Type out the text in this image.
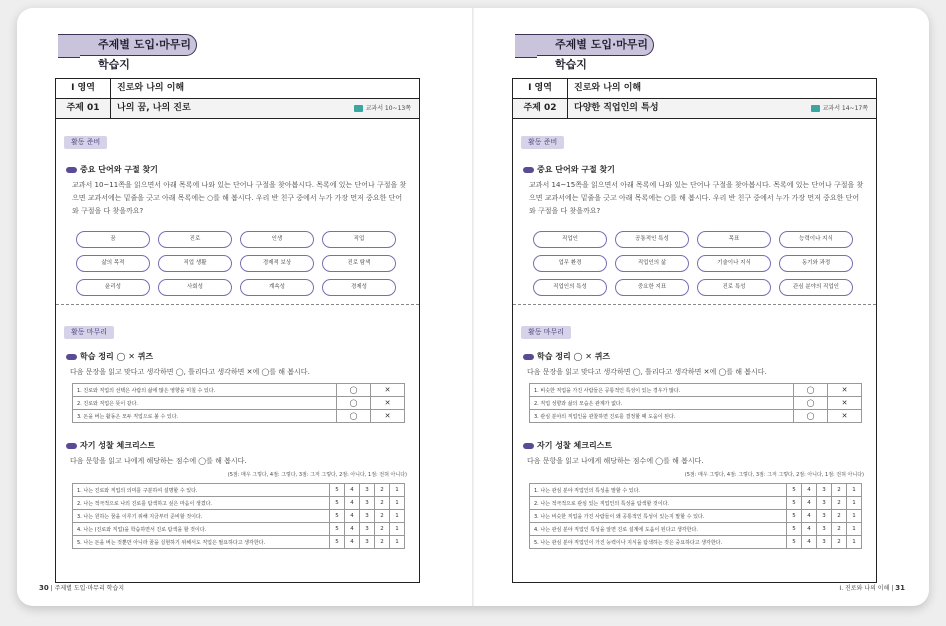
주제별 도입·마무리 학습지
Ⅰ 영역	진로와 나의 이해
주제 01	나의 꿈, 나의 진로	교과서 10~13쪽
활동 준비
중요 단어와 구절 찾기
교과서 10~11쪽을 읽으면서 아래 목록에 나와 있는 단어나 구절을 찾아봅시다. 목록에 있는 단어나 구절을 찾으면 교과서에는 밑줄을 긋고 아래 목록에는 ○를 해 봅시다. 우리 반 친구 중에서 누가 가장 먼저 중요한 단어와 구절을 다 찾을까요?
꿈	진로	인생	직업
삶의 목적	직업 생활	경제적 보상	진로 탐색
윤리성	사회성	계속성	경제성
활동 마무리
학습 정리 ◯ ✕ 퀴즈
다음 문장을 읽고 맞다고 생각하면 ◯, 틀리다고 생각하면 ✕에 ◯를 해 봅시다.
1. 진로와 직업의 선택은 사람의 삶에 많은 영향을 미칠 수 있다.	◯	✕
2. 진로와 직업은 뜻이 같다.	◯	✕
3. 돈을 버는 활동은 모두 직업으로 볼 수 있다.	◯	✕
자기 성찰 체크리스트
다음 문항을 읽고 나에게 해당하는 점수에 ◯를 해 봅시다.
(5점: 매우 그렇다, 4점: 그렇다, 3점: 그저 그렇다, 2점: 아니다, 1점: 전혀 아니다)
1. 나는 진로와 직업의 의미를 구분하여 설명할 수 있다.	5	4	3	2	1
2. 나는 적극적으로 나의 진로를 탐색하고 싶은 마음이 생겼다.	5	4	3	2	1
3. 나는 원하는 꿈을 이루기 위해 지금부터 준비할 것이다.	5	4	3	2	1
4. 나는 (진로와 직업)을 학습하면서 진로 탐색을 할 것이다.	5	4	3	2	1
5. 나는 돈을 버는 것뿐만 아니라 꿈을 실현하기 위해서도 직업은 필요하다고 생각한다.	5	4	3	2	1
30 | 주제별 도입·마무리 학습지
주제별 도입·마무리 학습지
Ⅰ 영역	진로와 나의 이해
주제 02	다양한 직업인의 특성	교과서 14~17쪽
활동 준비
중요 단어와 구절 찾기
교과서 14~15쪽을 읽으면서 아래 목록에 나와 있는 단어나 구절을 찾아봅시다. 목록에 있는 단어나 구절을 찾으면 교과서에는 밑줄을 긋고 아래 목록에는 ○를 해 봅시다. 우리 반 친구 중에서 누가 가장 먼저 중요한 단어와 구절을 다 찾을까요?
직업인	공통적인 특성	목표	능력이나 지식
업무 환경	직업인의 삶	기술이나 지식	동기와 과정
직업인의 특성	중요한 지표	진로 특성	관심 분야의 직업인
활동 마무리
학습 정리 ◯ ✕ 퀴즈
다음 문장을 읽고 맞다고 생각하면 ◯, 틀리다고 생각하면 ✕에 ◯를 해 봅시다.
1. 비슷한 직업을 가진 사람들은 공통적인 특성이 있는 경우가 많다.	◯	✕
2. 직업 성향과 삶의 모습은 관계가 없다.	◯	✕
3. 관심 분야의 직업인을 관찰하면 진로를 결정할 때 도움이 된다.	◯	✕
자기 성찰 체크리스트
다음 문항을 읽고 나에게 해당하는 점수에 ◯를 해 봅시다.
(5점: 매우 그렇다, 4점: 그렇다, 3점: 그저 그렇다, 2점: 아니다, 1점: 전혀 아니다)
1. 나는 관심 분야 직업인의 특성을 말할 수 있다.	5	4	3	2	1
2. 나는 적극적으로 관심 있는 직업인의 특성을 탐색할 것이다.	5	4	3	2	1
3. 나는 비슷한 직업을 가진 사람들이 왜 공통적인 특성이 있는지 말할 수 있다.	5	4	3	2	1
4. 나는 관심 분야 직업인 특성을 알면 진로 설계에 도움이 된다고 생각한다.	5	4	3	2	1
5. 나는 관심 분야 직업인이 가진 능력이나 지식을 탐색하는 것은 중요하다고 생각한다.	5	4	3	2	1
Ⅰ. 진로와 나의 이해 | 31
